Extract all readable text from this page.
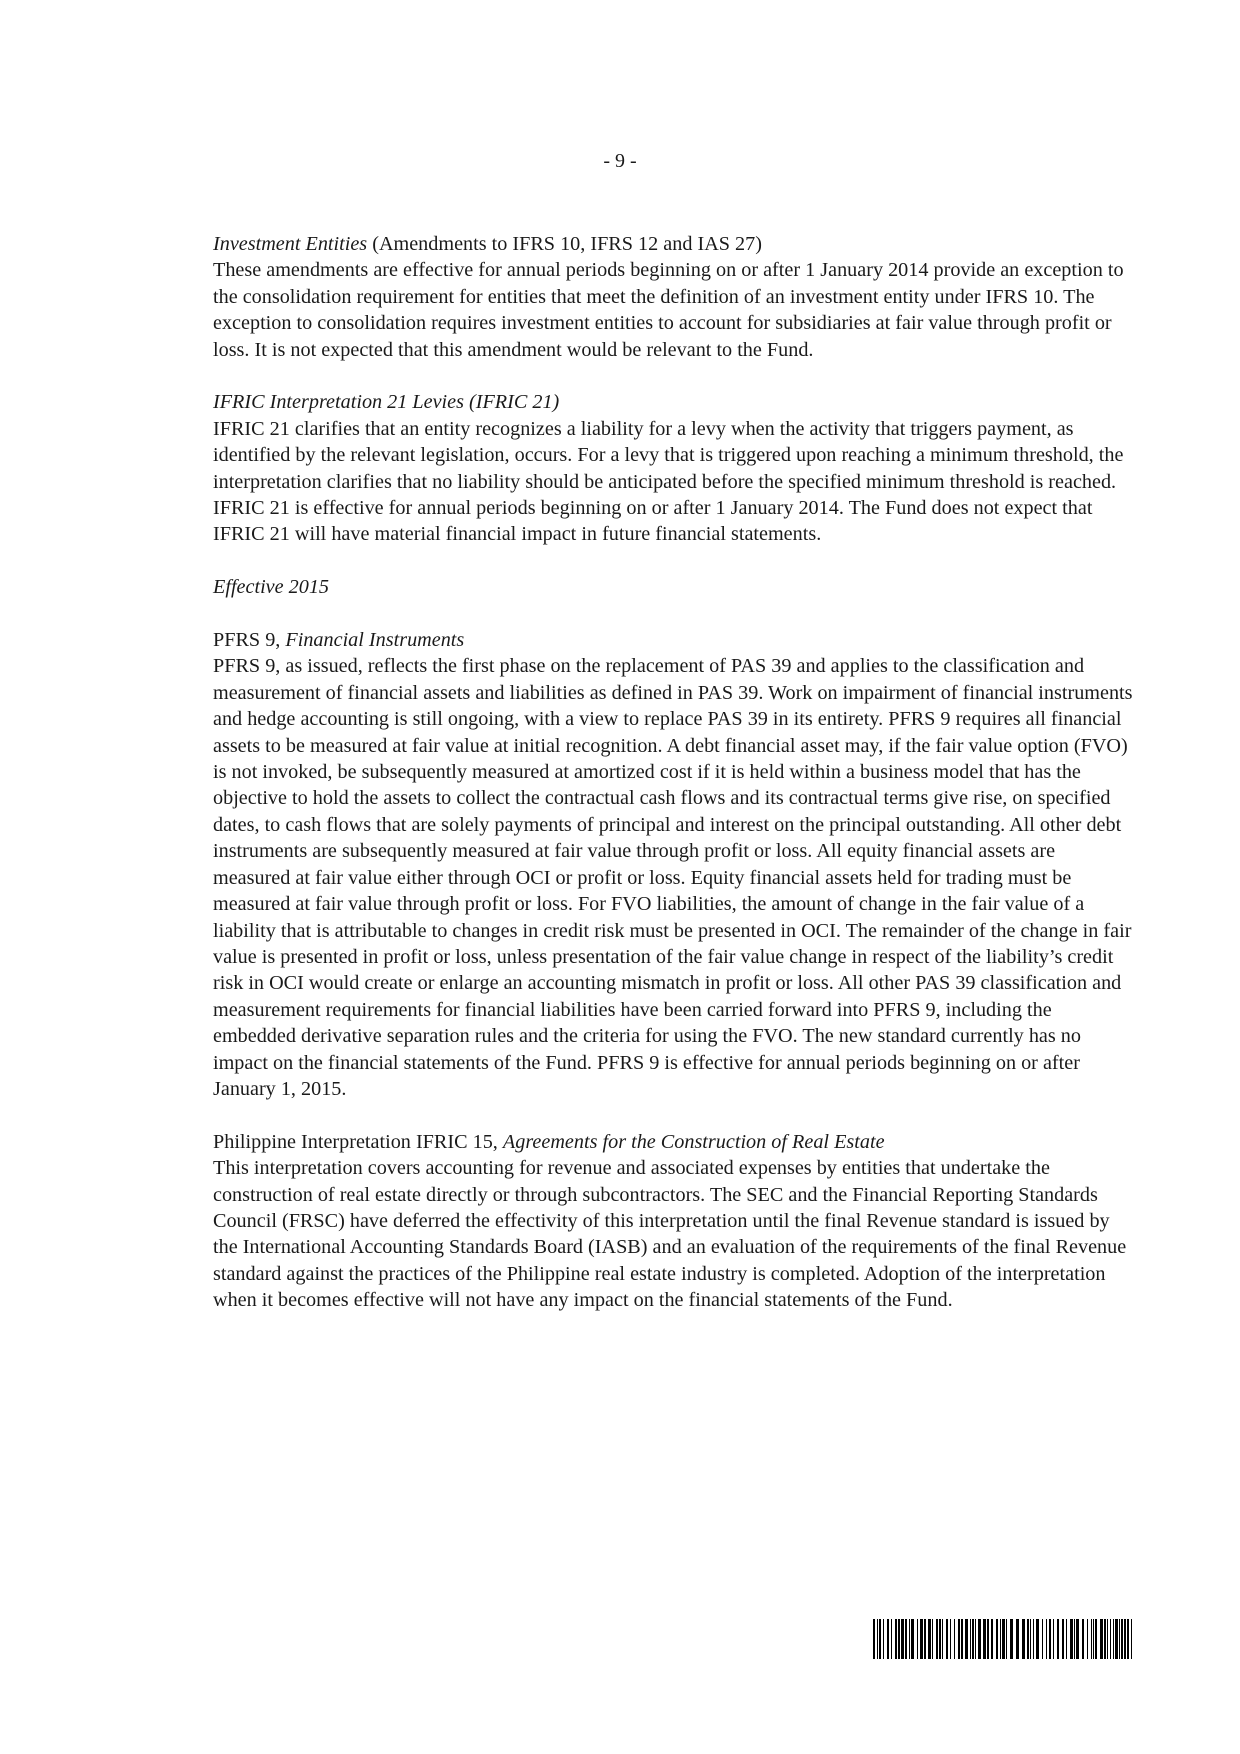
- 9 -
Investment Entities (Amendments to IFRS 10, IFRS 12 and IAS 27)
These amendments are effective for annual periods beginning on or after 1 January 2014 provide an exception to the consolidation requirement for entities that meet the definition of an investment entity under IFRS 10. The exception to consolidation requires investment entities to account for subsidiaries at fair value through profit or loss. It is not expected that this amendment would be relevant to the Fund.
IFRIC Interpretation 21 Levies (IFRIC 21)
IFRIC 21 clarifies that an entity recognizes a liability for a levy when the activity that triggers payment, as identified by the relevant legislation, occurs. For a levy that is triggered upon reaching a minimum threshold, the interpretation clarifies that no liability should be anticipated before the specified minimum threshold is reached. IFRIC 21 is effective for annual periods beginning on or after 1 January 2014. The Fund does not expect that IFRIC 21 will have material financial impact in future financial statements.
Effective 2015
PFRS 9, Financial Instruments
PFRS 9, as issued, reflects the first phase on the replacement of PAS 39 and applies to the classification and measurement of financial assets and liabilities as defined in PAS 39. Work on impairment of financial instruments and hedge accounting is still ongoing, with a view to replace PAS 39 in its entirety. PFRS 9 requires all financial assets to be measured at fair value at initial recognition. A debt financial asset may, if the fair value option (FVO) is not invoked, be subsequently measured at amortized cost if it is held within a business model that has the objective to hold the assets to collect the contractual cash flows and its contractual terms give rise, on specified dates, to cash flows that are solely payments of principal and interest on the principal outstanding. All other debt instruments are subsequently measured at fair value through profit or loss. All equity financial assets are measured at fair value either through OCI or profit or loss. Equity financial assets held for trading must be measured at fair value through profit or loss. For FVO liabilities, the amount of change in the fair value of a liability that is attributable to changes in credit risk must be presented in OCI. The remainder of the change in fair value is presented in profit or loss, unless presentation of the fair value change in respect of the liability’s credit risk in OCI would create or enlarge an accounting mismatch in profit or loss. All other PAS 39 classification and measurement requirements for financial liabilities have been carried forward into PFRS 9, including the embedded derivative separation rules and the criteria for using the FVO. The new standard currently has no impact on the financial statements of the Fund. PFRS 9 is effective for annual periods beginning on or after January 1, 2015.
Philippine Interpretation IFRIC 15, Agreements for the Construction of Real Estate
This interpretation covers accounting for revenue and associated expenses by entities that undertake the construction of real estate directly or through subcontractors. The SEC and the Financial Reporting Standards Council (FRSC) have deferred the effectivity of this interpretation until the final Revenue standard is issued by the International Accounting Standards Board (IASB) and an evaluation of the requirements of the final Revenue standard against the practices of the Philippine real estate industry is completed. Adoption of the interpretation when it becomes effective will not have any impact on the financial statements of the Fund.
